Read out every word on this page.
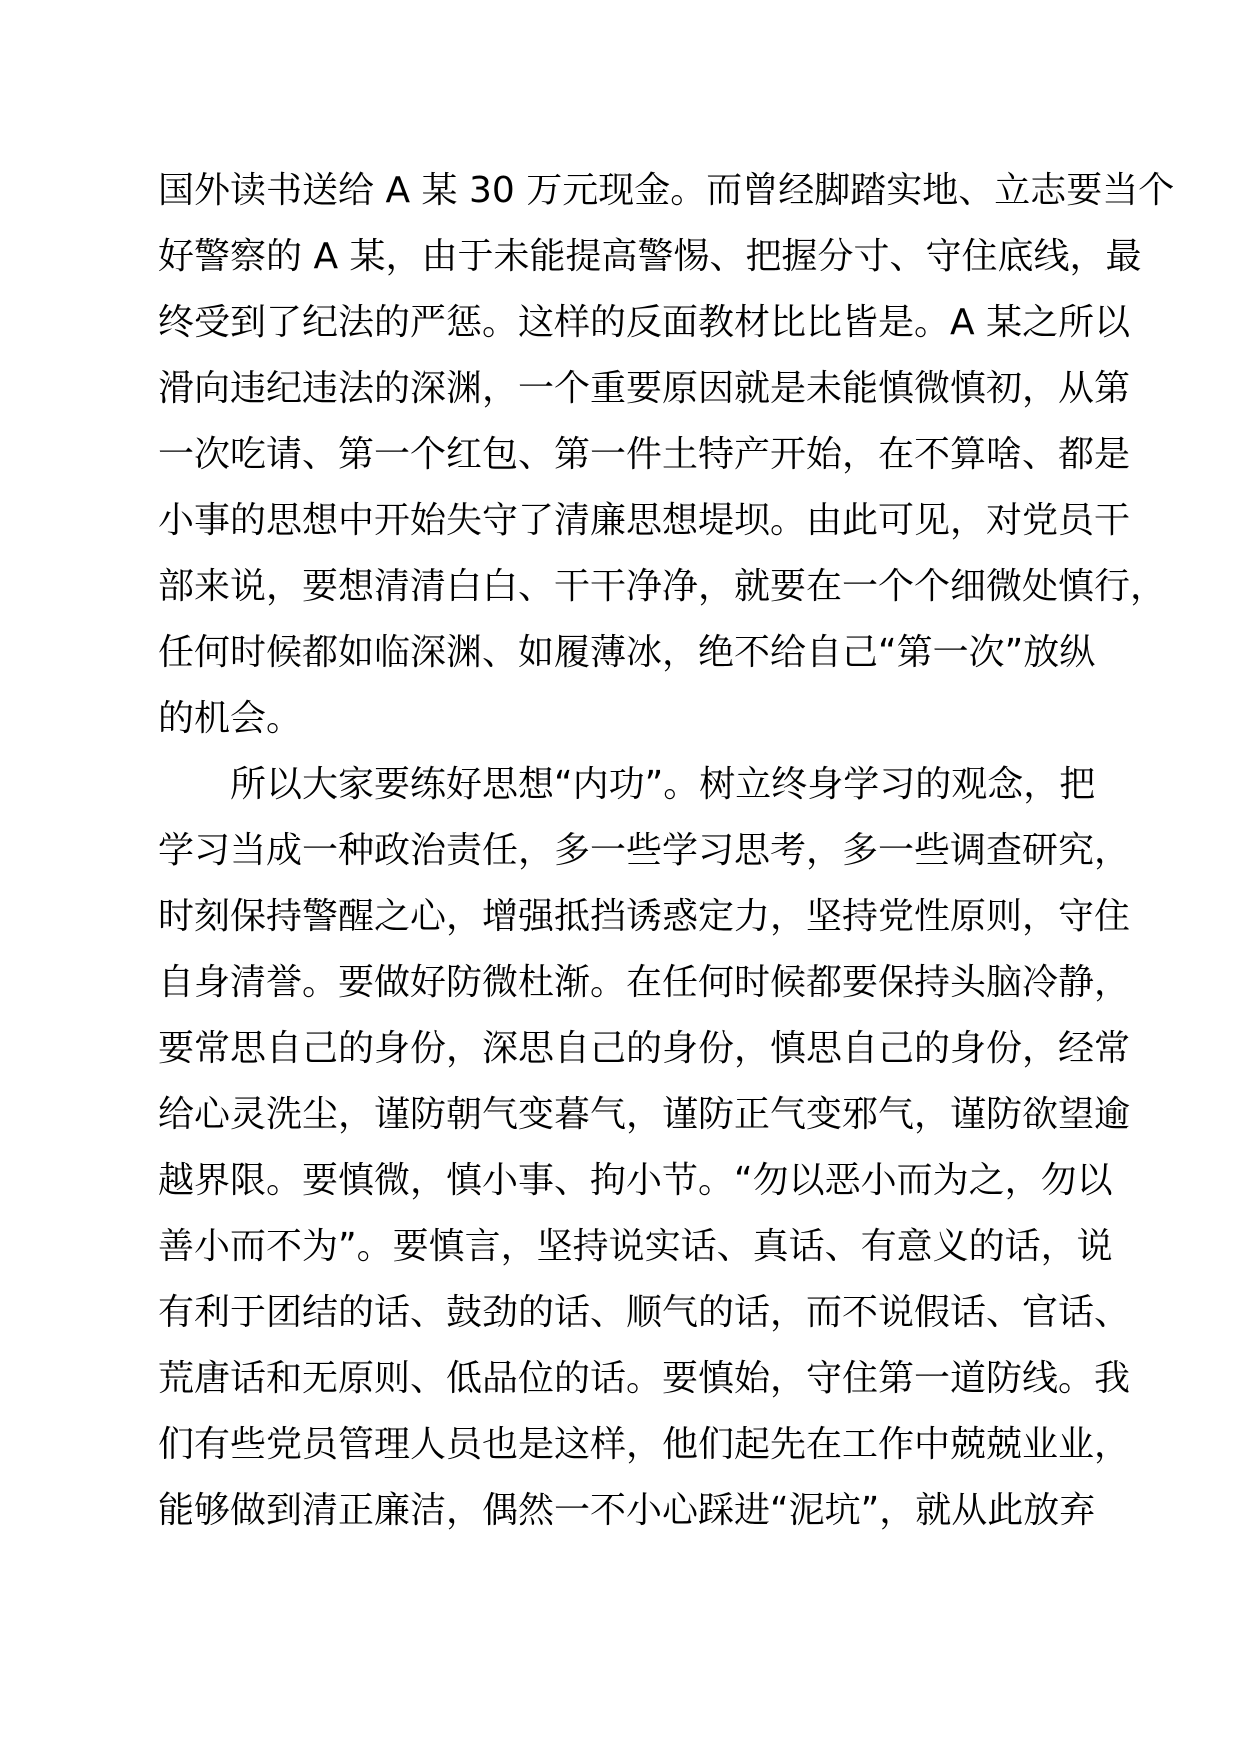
国外读书送给 A 某 30 万元现金。而曾经脚踏实地、立志要当个
好警察的 A 某，由于未能提高警惕、把握分寸、守住底线，最
终受到了纪法的严惩。这样的反面教材比比皆是。A 某之所以
滑向违纪违法的深渊，一个重要原因就是未能慎微慎初，从第
一次吃请、第一个红包、第一件土特产开始，在不算啥、都是
小事的思想中开始失守了清廉思想堤坝。由此可见，对党员干
部来说，要想清清白白、干干净净，就要在一个个细微处慎行，
任何时候都如临深渊、如履薄冰，绝不给自己“第一次”放纵
的机会。
所以大家要练好思想“内功”。树立终身学习的观念，把
学习当成一种政治责任，多一些学习思考，多一些调查研究，
时刻保持警醒之心，增强抵挡诱惑定力，坚持党性原则，守住
自身清誉。要做好防微杜渐。在任何时候都要保持头脑冷静，
要常思自己的身份，深思自己的身份，慎思自己的身份，经常
给心灵洗尘，谨防朝气变暮气，谨防正气变邪气，谨防欲望逾
越界限。要慎微，慎小事、拘小节。“勿以恶小而为之，勿以
善小而不为”。要慎言，坚持说实话、真话、有意义的话，说
有利于团结的话、鼓劲的话、顺气的话，而不说假话、官话、
荒唐话和无原则、低品位的话。要慎始，守住第一道防线。我
们有些党员管理人员也是这样，他们起先在工作中兢兢业业，
能够做到清正廉洁，偶然一不小心踩进“泥坑”，就从此放弃
